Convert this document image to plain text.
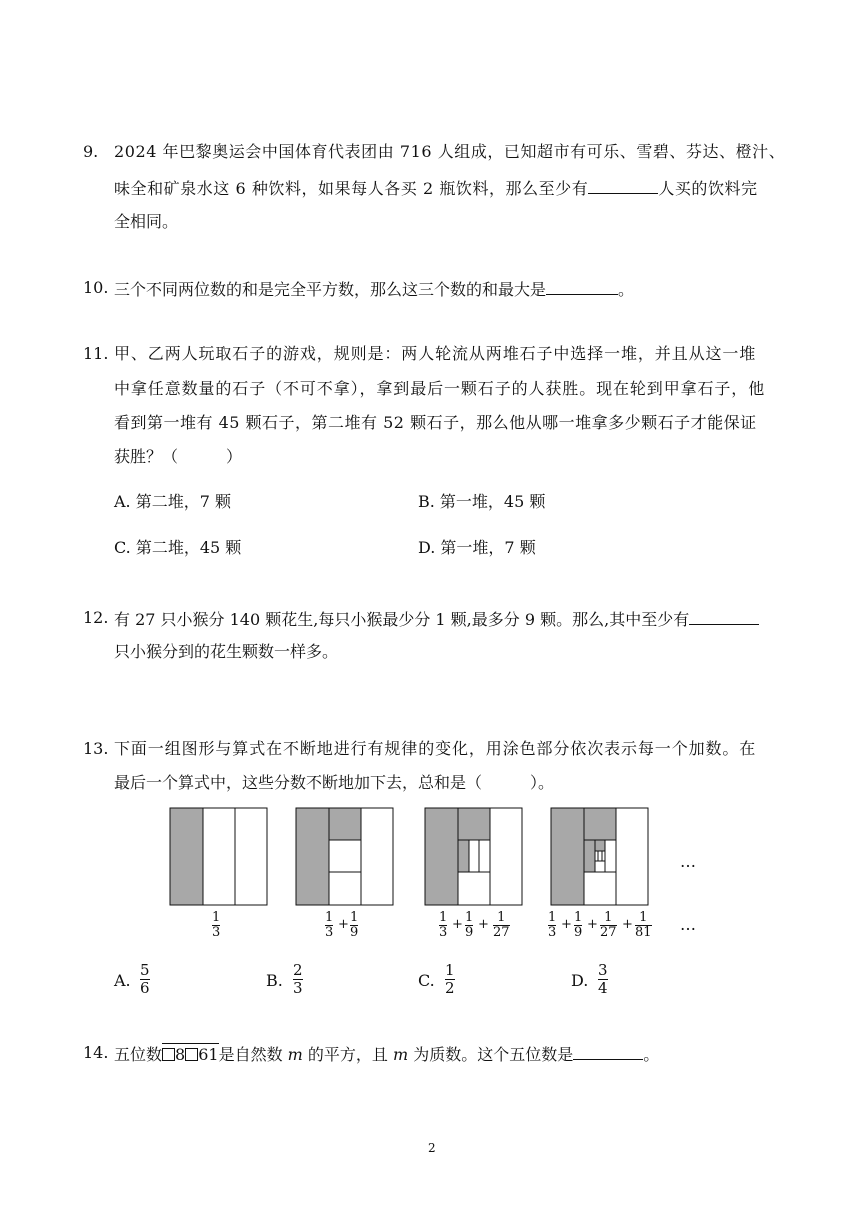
9. 2024 年巴黎奥运会中国体育代表团由 716 人组成，已知超市有可乐、雪碧、芬达、橙汁、
味全和矿泉水这 6 种饮料，如果每人各买 2 瓶饮料，那么至少有	人买的饮料完
全相同。
10. 三个不同两位数的和是完全平方数，那么这三个数的和最大是	。
11. 甲、乙两人玩取石子的游戏，规则是：两人轮流从两堆石子中选择一堆，并且从这一堆
中拿任意数量的石子（不可不拿），拿到最后一颗石子的人获胜。现在轮到甲拿石子，他
看到第一堆有 45 颗石子，第二堆有 52 颗石子，那么他从哪一堆拿多少颗石子才能保证
获胜？（　　　）
A. 第二堆，7 颗	B. 第一堆，45 颗
C. 第二堆，45 颗	D. 第一堆，7 颗
12. 有 27 只小猴分 140 颗花生,每只小猴最少分 1 颗,最多分 9 颗。那么,其中至少有
只小猴分到的花生颗数一样多。
13. 下面一组图形与算式在不断地进行有规律的变化，用涂色部分依次表示每一个加数。在
最后一个算式中，这些分数不断地加下去，总和是（　　　）。
…
1
3
1
3
+ 1
9
1
3
+ 1
9
+ 1
27
1
3
+ 1
9
+ 1
27
+ 1
81 …
A.
5
6	B.
2
3	C.
1
2	D.
3
4
14. 五位数 8 61是自然数 m 的平方，且 m 为质数。这个五位数是	。
2
